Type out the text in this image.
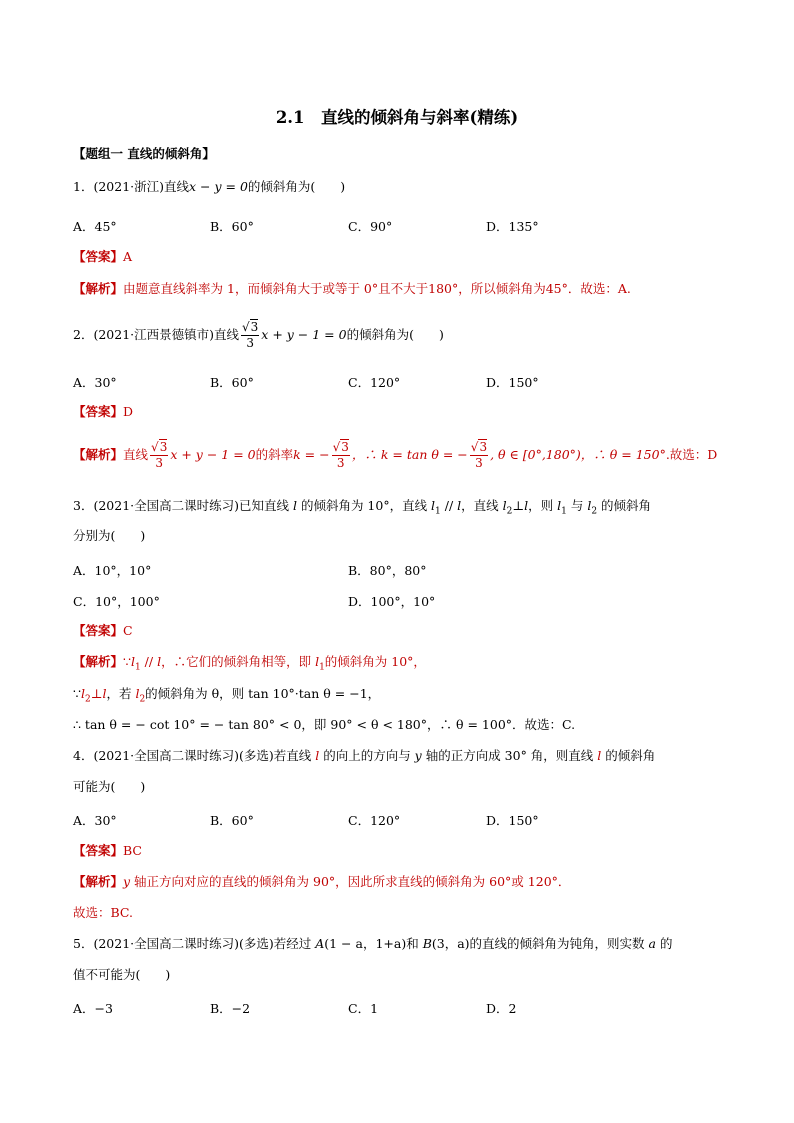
2.1　直线的倾斜角与斜率(精练)
【题组一 直线的倾斜角】
1．(2021·浙江)直线x − y = 0的倾斜角为(　　)
A．45°	B．60°	C．90°	D．135°
【答案】A
【解析】由题意直线斜率为 1，而倾斜角大于或等于 0°且不大于180°，所以倾斜角为45°．故选：A.
2．(2021·江西景德镇市)直线 $\frac{√3}{3}$ x + y − 1 = 0的倾斜角为(　　)
A．30°	B．60°	C．120°	D．150°
【答案】D
【解析】直线 $\frac{√3}{3}$ x + y − 1 = 0的斜率k = − $\frac{√3}{3}$ ，∴ k = tan θ = − $\frac{√3}{3}$ , θ ∈ [0°,180°)，∴ θ = 150°.故选：D
3．(2021·全国高二课时练习)已知直线 l 的倾斜角为 10°，直线 $l_1$ // l，直线 $l_2\perp l$，则 $l_1$ 与 $l_2$ 的倾斜角
分别为(　　)
A．10°，10°	B．80°，80°
C．10°，100°	D．100°，10°
【答案】C
【解析】$\because l_1$ // l，∴它们的倾斜角相等，即 $l_1$的倾斜角为 10°，
$\because l_2\perp l$，若 $l_2$的倾斜角为 θ，则 tan 10°·tan θ = −1，
∴ tan θ = − cot 10° = − tan 80° < 0，即 90° < θ < 180°，∴ θ = 100°．故选：C.
4．(2021·全国高二课时练习)(多选)若直线 l 的向上的方向与 y 轴的正方向成 30° 角，则直线 l 的倾斜角
可能为(　　)
A．30°	B．60°	C．120°	D．150°
【答案】BC
【解析】y 轴正方向对应的直线的倾斜角为 90°，因此所求直线的倾斜角为 60°或 120°．
故选：BC.
5．(2021·全国高二课时练习)(多选)若经过 A(1 − a，1+a)和 B(3，a)的直线的倾斜角为钝角，则实数 a 的
值不可能为(　　)
A．−3	B．−2	C．1	D．2
